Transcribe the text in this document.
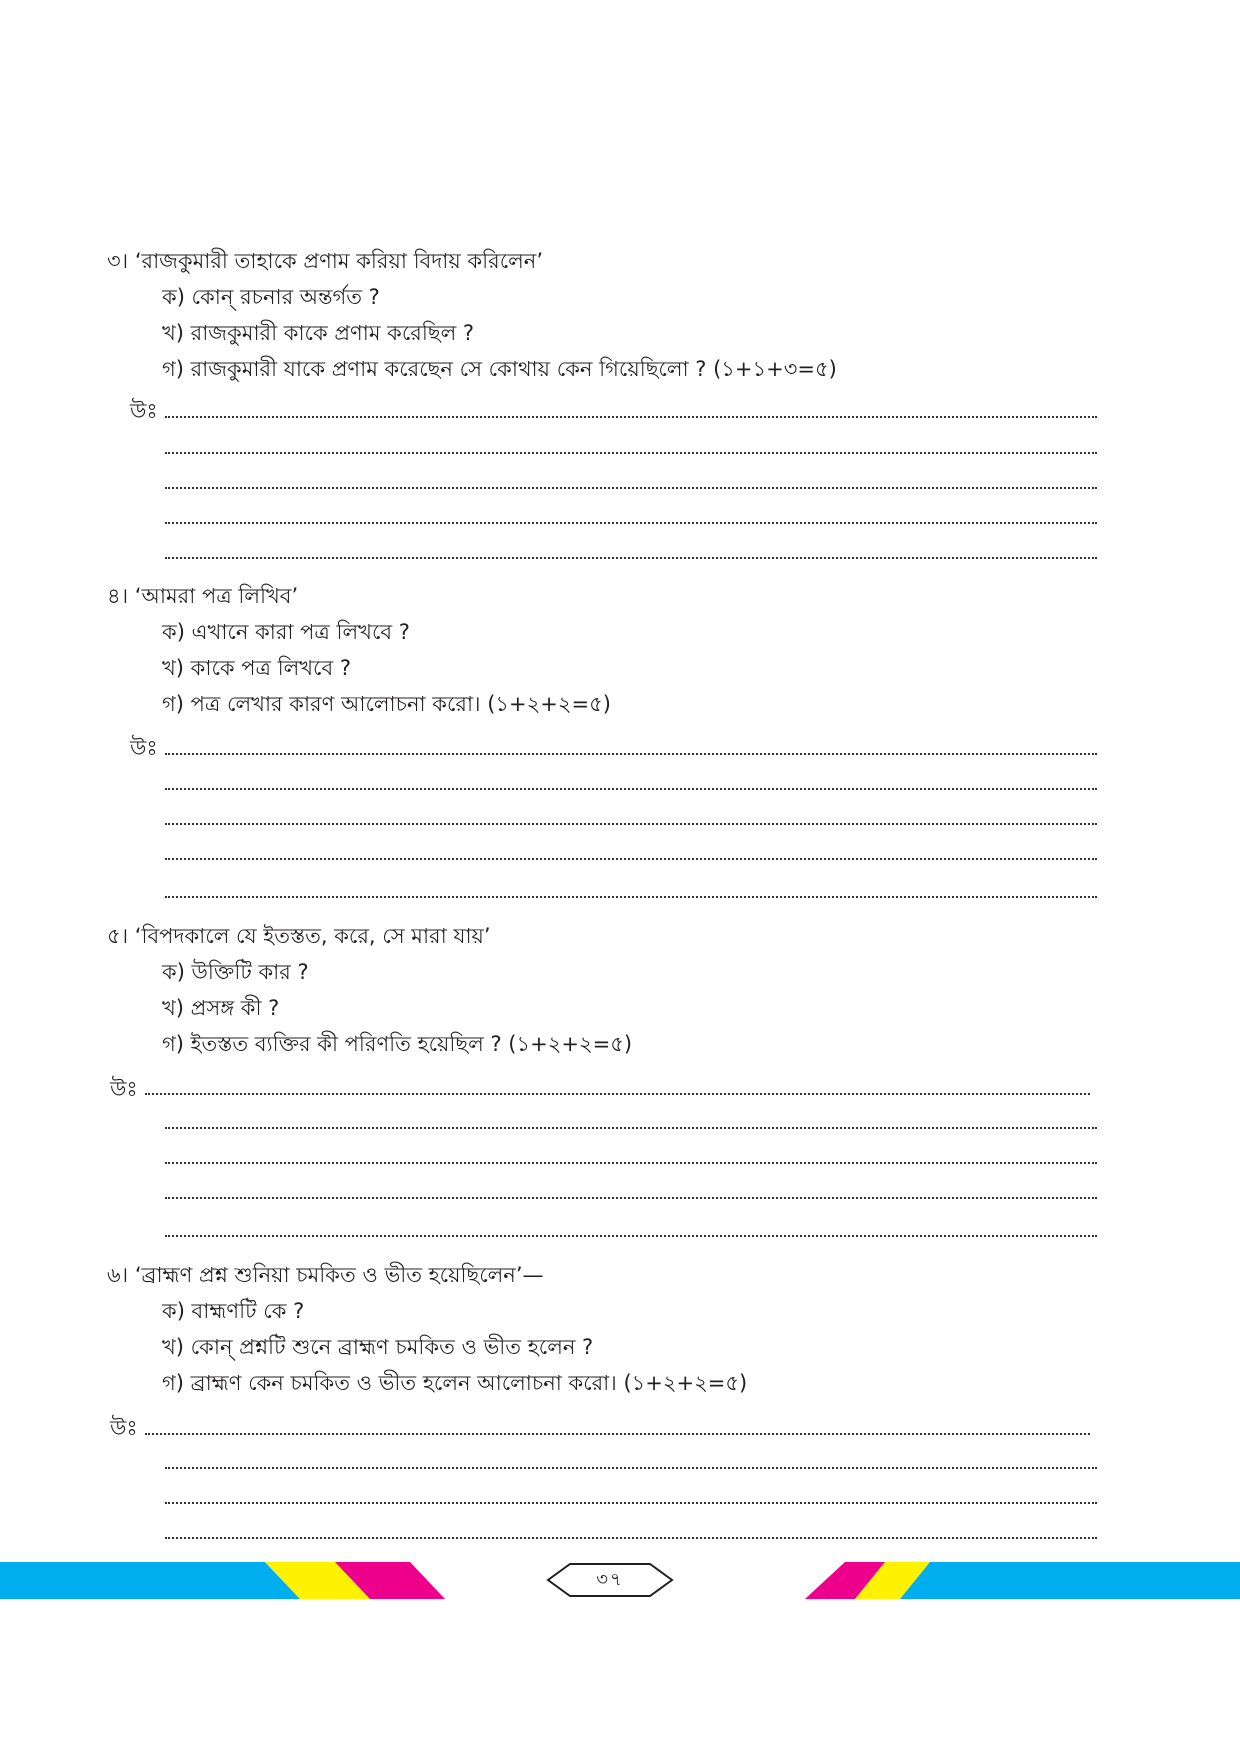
৩। ‘রাজকুমারী তাহাকে প্রণাম করিয়া বিদায় করিলেন’
ক) কোন্ রচনার অন্তর্গত ?
খ) রাজকুমারী কাকে প্রণাম করেছিল ?
গ) রাজকুমারী যাকে প্রণাম করেছেন সে কোথায় কেন গিয়েছিলো ? (১+১+৩=৫)
উঃ
৪। ‘আমরা পত্র লিখিব’
ক) এখানে কারা পত্র লিখবে ?
খ) কাকে পত্র লিখবে ?
গ) পত্র লেখার কারণ আলোচনা করো। (১+২+২=৫)
উঃ
৫। ‘বিপদকালে যে ইতস্তত, করে, সে মারা যায়’
ক) উক্তিটি কার ?
খ) প্রসঙ্গ কী ?
গ) ইতস্তত ব্যক্তির কী পরিণতি হয়েছিল ? (১+২+২=৫)
উঃ
৬। ‘ব্রাহ্মণ প্রশ্ন শুনিয়া চমকিত ও ভীত হয়েছিলেন’—
ক) বাহ্মণটি কে ?
খ) কোন্ প্রশ্নটি শুনে ব্রাহ্মণ চমকিত ও ভীত হলেন ?
গ) ব্রাহ্মণ কেন চমকিত ও ভীত হলেন আলোচনা করো। (১+২+২=৫)
উঃ
৩৭
